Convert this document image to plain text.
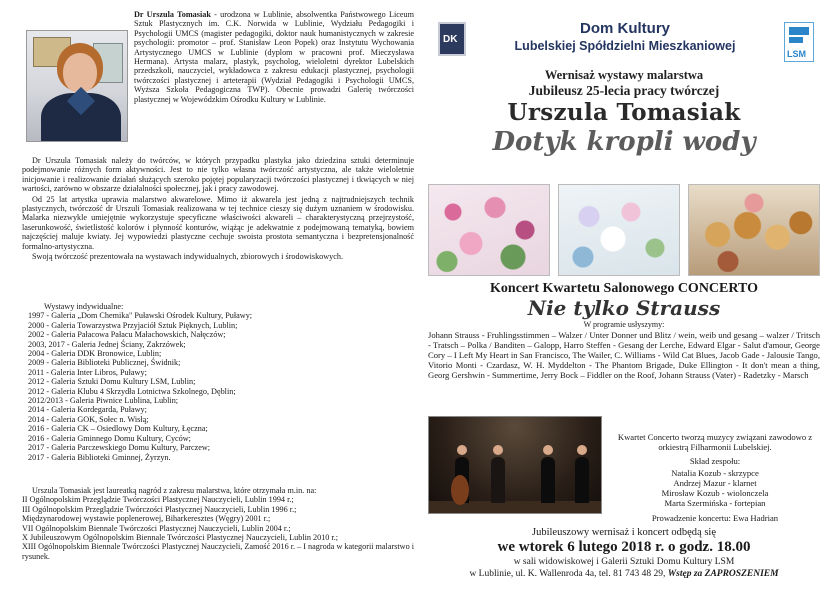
Dr Urszula Tomasiak - urodzona w Lublinie, absolwentka Państwowego Liceum Sztuk Plastycznych im. C.K. Norwida w Lublinie, Wydziału Pedagogiki i Psychologii UMCS (magister pedagogiki, doktor nauk humanistycznych w zakresie psychologii: promotor – prof. Stanisław Leon Popek) oraz Instytutu Wychowania Artystycznego UMCS w Lublinie (dyplom w pracowni prof. Mieczysława Hermana). Artysta malarz, plastyk, psycholog, wieloletni dyrektor Lubelskich przedszkoli, nauczyciel, wykładowca z zakresu edukacji plastycznej, psychologii twórczości plastycznej i arteterapii (Wydział Pedagogiki i Psychologii UMCS, Wyższa Szkoła Pedagogiczna TWP). Obecnie prowadzi Galerię twórczości plastycznej w Wojewódzkim Ośrodku Kultury w Lublinie.

Dr Urszula Tomasiak należy do twórców, w których przypadku plastyka jako dziedzina sztuki determinuje podejmowanie różnych form aktywności. Jest to nie tylko własna twórczość artystyczna, ale także wieloletnie inicjowanie i realizowanie działań służących szeroko pojętej popularyzacji twórczości plastycznej i tkwiących w niej wartości, zarówno w obszarze działalności społecznej, jak i pracy zawodowej.

Od 25 lat artystka uprawia malarstwo akwarelowe. Mimo iż akwarela jest jedną z najtrudniejszych technik plastycznych, twórczość dr Urszuli Tomasiak realizowana w tej technice cieszy się dużym uznaniem w środowisku. Malarka niezwykle umiejętnie wykorzystuje specyficzne właściwości akwareli – charakterystyczną przejrzystość, laserunkowość, świetlistość kolorów i płynność konturów, wiążąc je adekwatnie z podejmowaną tematyką, bowiem najczęściej maluje kwiaty. Jej wypowiedzi plastyczne cechuje swoista prostota semantyczna i bezpretensjonalność formalno-artystyczna.

Swoją twórczość prezentowała na wystawach indywidualnych, zbiorowych i środowiskowych.

Wystawy indywidualne:
1997 - Galeria „Dom Chemika" Puławski Ośrodek Kultury, Puławy;
2000 - Galeria Towarzystwa Przyjaciół Sztuk Pięknych, Lublin;
2002 - Galeria Pałacowa Pałacu Małachowskich, Nałęczów;
2003, 2017 - Galeria Jednej Ściany, Zakrzówek;
2004 - Galeria DDK Bronowice, Lublin;
2009 - Galeria Biblioteki Publicznej, Świdnik;
2011 - Galeria Inter Libros, Puławy;
2012 - Galeria Sztuki Domu Kultury LSM, Lublin;
2012 - Galeria Klubu 4 Skrzydła Lotnictwa Szkolnego, Dęblin;
2012/2013 - Galeria Piwnice Lublina, Lublin;
2014 - Galeria Kordegarda, Puławy;
2014 - Galeria GOK, Sołec n. Wisłą;
2016 - Galeria CK – Osiedlowy Dom Kultury, Łęczna;
2016 - Galeria Gminnego Domu Kultury, Cyców;
2017 - Galeria Parczewskiego Domu Kultury, Parczew;
2017 - Galeria Biblioteki Gminnej, Żyrzyn.

Urszula Tomasiak jest laureatką nagród z zakresu malarstwa, które otrzymała m.in. na:

II Ogólnopolskim Przeglądzie Twórczości Plastycznej Nauczycieli, Lublin 1994 r.;

III Ogólnopolskim Przeglądzie Twórczości Plastycznej Nauczycieli, Lublin 1996 r.;

Międzynarodowej wystawie poplenerowej, Biharkeresztes (Węgry) 2001 r.;

VII Ogólnopolskim Biennale Twórczości Plastycznej Nauczycieli, Lublin 2004 r.;

X Jubileuszowym Ogólnopolskim Biennale Twórczości Plastycznej Nauczycieli, Lublin 2010 r.;

XIII Ogólnopolskim Biennale Twórczości Plastycznej Nauczycieli, Zamość 2016 r. – I nagroda w kategorii malarstwo i rysunek.

DK
Dom Kultury
Lubelskiej Spółdzielni Mieszkaniowej
LSM
Wernisaż wystawy malarstwa
Jubileusz 25-lecia pracy twórczej
Urszula Tomasiak
Dotyk kropli wody
Koncert Kwartetu Salonowego CONCERTO
Nie tylko Strauss
W programie usłyszymy:
Johann Strauss - Fruhlingsstimmen – Walzer / Unter Donner und Blitz / wein, weib und gesang – walzer / Tritsch - Tratsch – Polka / Banditen – Galopp, Harro Steffen - Gesang der Lerche, Edward Elgar - Salut d'amour, George Cory – I Left My Heart in San Francisco, The Wailer, C. Williams - Wild Cat Blues, Jacob Gade - Jalousie Tango, Vitorio Monti - Czardasz, W. H. Myddelton - The Phantom Brigade, Duke Ellington - It don't mean a thing, Georg Gershwin - Summertime, Jerry Bock – Fiddler on the Roof, Johann Strauss (Vater) - Radetzky - Marsch
Kwartet Concerto tworzą muzycy związani zawodowo z orkiestrą Filharmonii Lubelskiej.
Skład zespołu:
Natalia Kozub - skrzypce
Andrzej Mazur - klarnet
Mirosław Kozub - wiolonczela
Marta Szermińska - fortepian
Prowadzenie koncertu: Ewa Hadrian
Jubileuszowy wernisaż i koncert odbędą się
we wtorek 6 lutego 2018 r. o godz. 18.00
w sali widowiskowej i Galerii Sztuki Domu Kultury LSM
w Lublinie, ul. K. Wallenroda 4a, tel. 81 743 48 29, Wstęp za ZAPROSZENIEM
